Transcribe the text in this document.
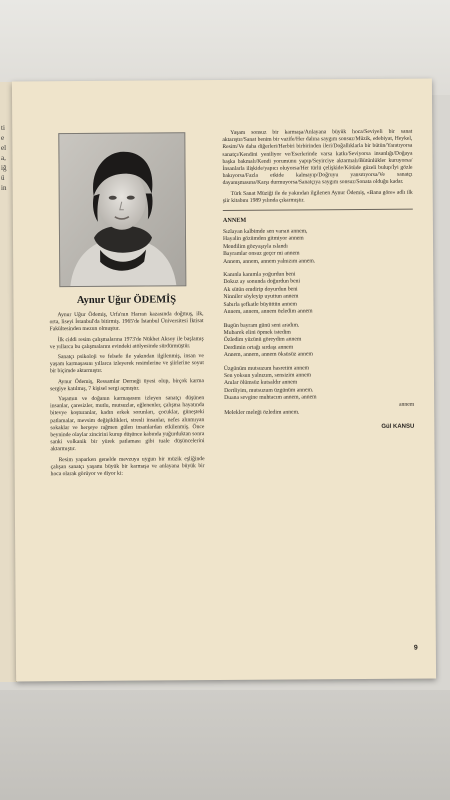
ti
e
el
a,
iğ
ü
in
Aynur Uğur ÖDEMİŞ

Aynur Uğur Ödemiş, Urfa'nın Harran kazasında doğmuş, ilk, orta, liseyi İstanbul'da bitirmiş. 1965'de İstanbul Üniversitesi İktisat Fakültesinden mezun olmuştur.

İlk ciddi resim çalışmalarına 1973'de Nükhet Aksoy ile başlamış ve yıllarca bu çalışmalarını evindeki atölyesinde sürdürmüştür.

Sanatçı psikoloji ve felsefe ile yakından ilgilenmiş, insan ve yaşam karmaşasını yıllarca izleyerek resimlerine ve şiirlerine soyut bir biçimde aktarmıştır.

Aynur Ödemiş, Ressamlar Derneği üyesi olup, birçok karma sergiye katılmış, 7 kişisel sergi açmıştır.

Yaşamın ve doğanın karmaşasını izleyen sanatçı düşünen insanlar, çaresizler, mutlu, mutsuzlar, eğlenenler, çalışma hayatında bitevye koşturanlar, kadın erkek sorunları, çocuklar, güneşteki patlamalar, mevsim değişiklikleri, stresli insanlar, nefes alınmıyan sokaklar ve herşeye rağmen gülen insanlardan etkilenmiş. Önce beyninde olaylar zincirini kurup düşünce kabında yuğurduktan sonra sanki volkanik bir yürek patlaması gibi tuale düşüncelerini aktarmıştır.

Resim yaparken genelde mevzuya uygun bir müzik eşliğinde çalışan sanatçı yaşamı büyük bir karmaşa ve anlayana büyük bir hoca olarak görüyor ve diyor ki:

Yaşam sonsuz bir karmaşa/Anlayana büyük hoca/Seviyeli bir sanat aktarıştır/Sanat benim bir vazife/Her dalına saygım sonsuz/Müzik, edebiyat, Heykel, Resim/Ve daha diğerleri/Herbiri birbirinden ileri/Doğallıklarla bir bütün/Yaratıyorsa sanatçı/Kendini yeniliyor ve/Eserlerinde varsa katkı/Seviyorsa insanlığı/Doğaya başka bakmalı/Kendi yorumunu yapıp/Seyirciye aktarmalı/Bütünlükler kuruyorsa/İnsanlarla ilişkide/yapıcı oluyorsa/Her türlü çelişkide/Kötüde güzeli bulup/İyi gözle bakıyorsa/Fazla etkide kalmayıp/Doğruyu yansıtıyorsa/Ve sanatçı dayanışmasına/Karşı durmuyorsa/Sanatçıya saygım sonsuz/Sonata olduğu kadar.

Türk Sanat Müziği ile de yakından ilgilenen Aynur Ödemiş, «Bana göre» adlı ilk şiir kitabını 1989 yılında çıkarmıştır.

ANNEM
Sızlayan kalbimde sen varsın annem,
Hayalin gözümden gitmiyor annem
Mendilim gözyaşıyla ıslandı
Bayramlar onsuz geçer mi annem
Annem, annem, annem yalnızım annem.
Kanınla kanımla yoğurdun beni
Dokuz ay sonunda doğurdun beni
Ak sütün emdirip doyurdun beni
Ninniler söyleyip uyuttun annem
Sabırla şefkatle büyüttün annem
Annem, annem, annem özledim annem
Bugün bayram günü seni aradım.
Mubarek elini öpmek istedim
Özledim yüzünü göreydim annem
Derdimin ortağı sırdaşı annem
Annem, annem, annem öksüsüz annem
Üzgünüm mutsuzum hasretim annem
Sen yoksun yalnızım, sensizim annem
Anılar ölümsüz kutsaldır annem
Dertliyim, mutsuzum üzgünüm annem.
Duana sevgine muhtacım annem, annem
annem
Melekler meleği özledim annem.
Gül KANSU
9
